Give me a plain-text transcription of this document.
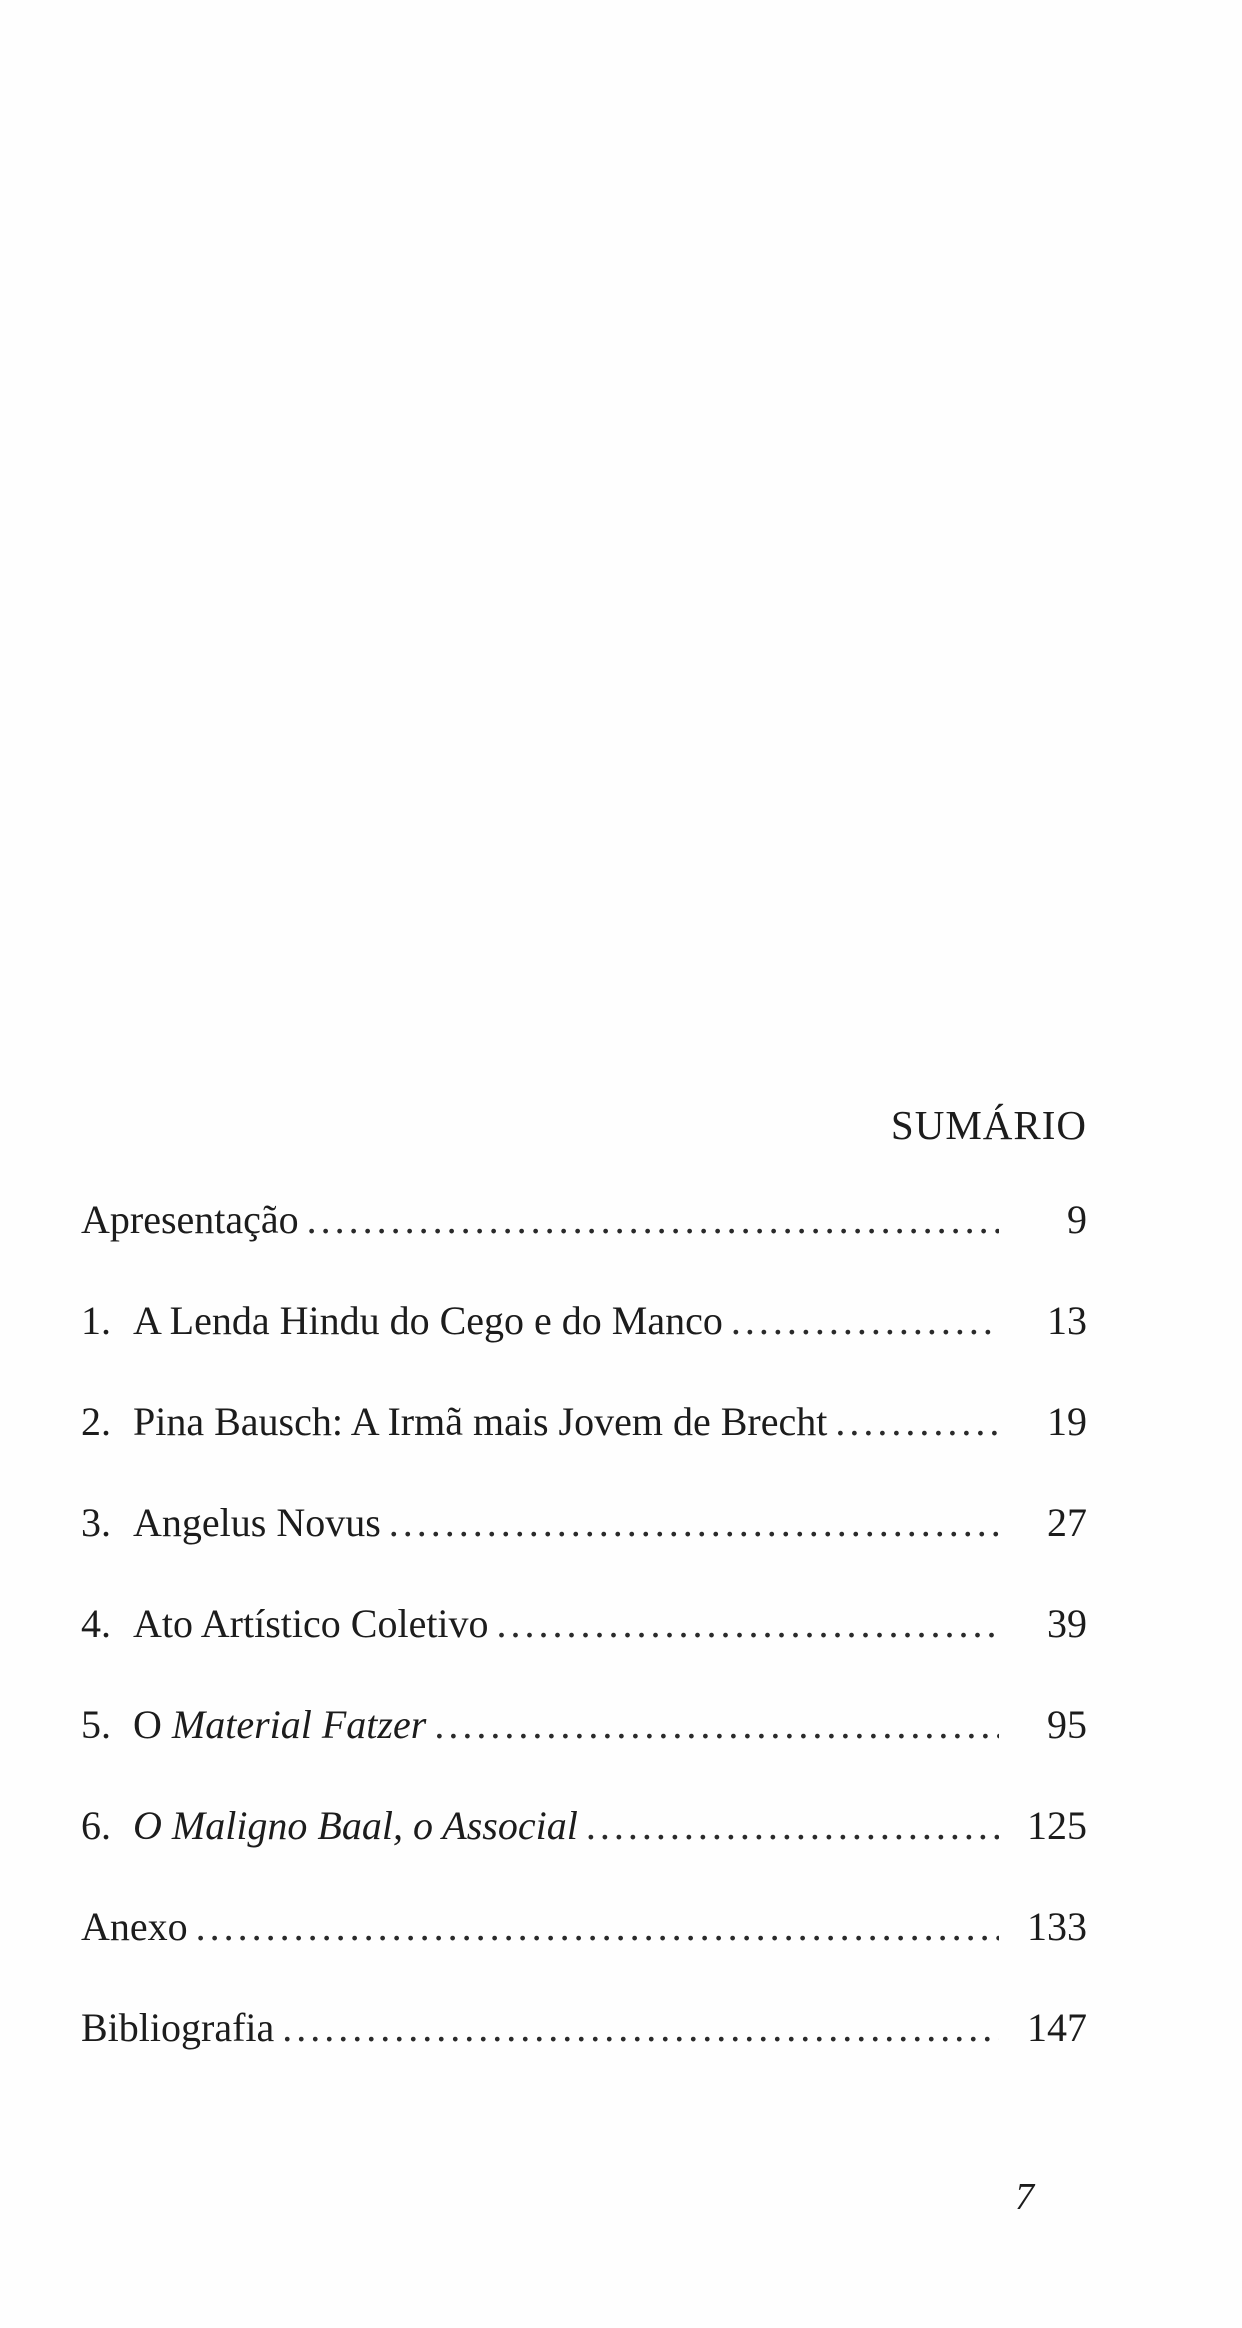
SUMÁRIO
Apresentação . . .	9
1. A Lenda Hindu do Cego e do Manco . . .	13
2. Pina Bausch: A Irmã mais Jovem de Brecht . . .	19
3. Angelus Novus . . .	27
4. Ato Artístico Coletivo . . .	39
5. O Material Fatzer . . .	95
6. O Maligno Baal, o Associal . . .	125
Anexo . . .	133
Bibliografia . . .	147
7
